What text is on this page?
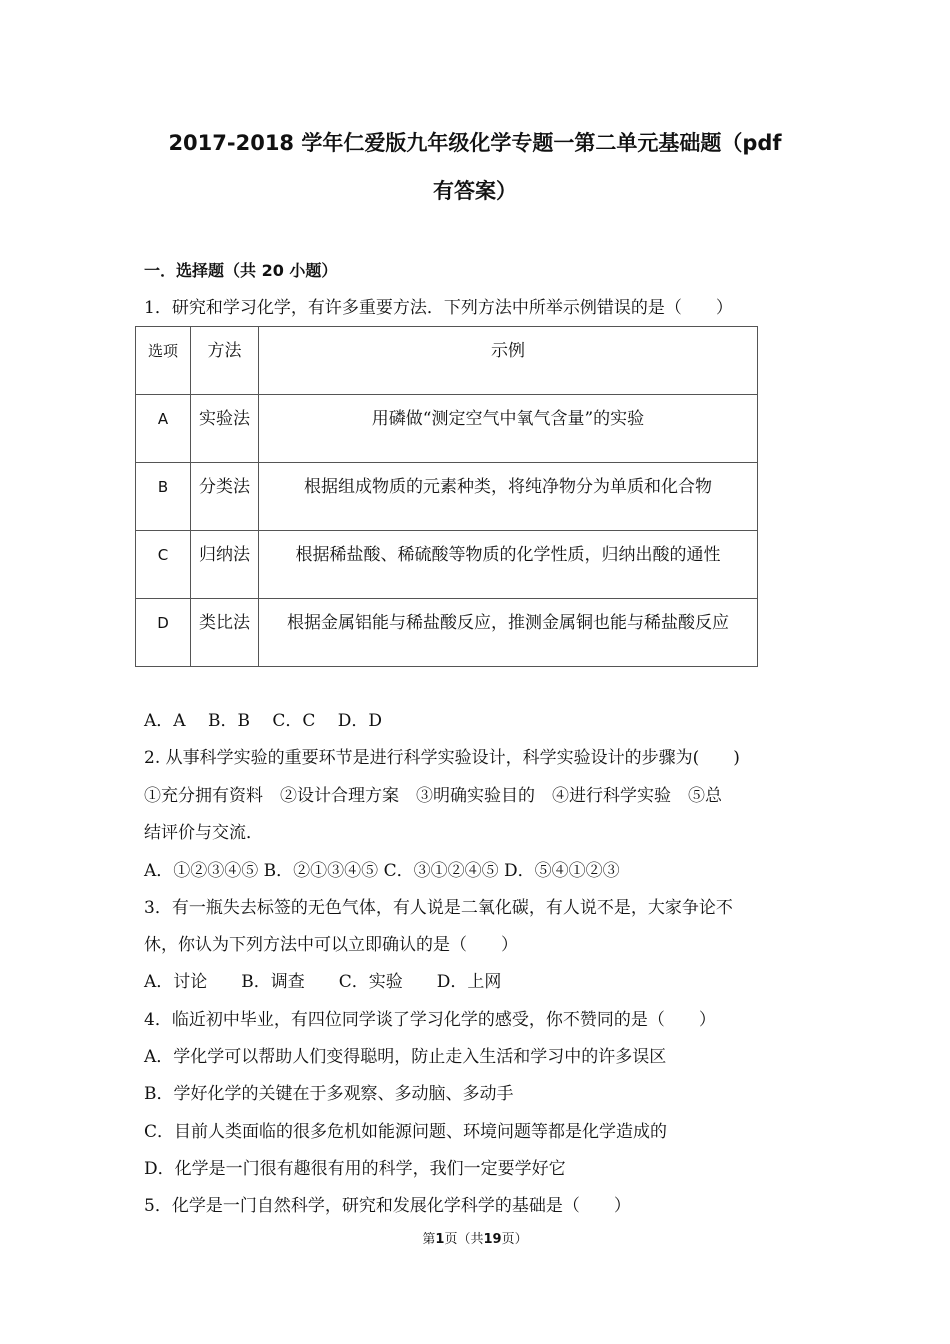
2017-2018 学年仁爱版九年级化学专题一第二单元基础题（pdf
有答案）
一．选择题（共 20 小题）
1．研究和学习化学，有许多重要方法．下列方法中所举示例错误的是（　　）
选项	方法	示例
A	实验法	用磷做“测定空气中氧气含量”的实验
B	分类法	根据组成物质的元素种类，将纯净物分为单质和化合物
C	归纳法	根据稀盐酸、稀硫酸等物质的化学性质，归纳出酸的通性
D	类比法	根据金属铝能与稀盐酸反应，推测金属铜也能与稀盐酸反应
A．A　 B．B　 C．C　 D．D
2. 从事科学实验的重要环节是进行科学实验设计，科学实验设计的步骤为(　　)
①充分拥有资料　②设计合理方案　③明确实验目的　④进行科学实验　⑤总
结评价与交流．
A．①②③④⑤ B．②①③④⑤ C．③①②④⑤ D．⑤④①②③
3．有一瓶失去标签的无色气体，有人说是二氧化碳，有人说不是，大家争论不
休，你认为下列方法中可以立即确认的是（　　）
A．讨论　　B．调查　　C．实验　　D．上网
4．临近初中毕业，有四位同学谈了学习化学的感受，你不赞同的是（　　）
A．学化学可以帮助人们变得聪明，防止走入生活和学习中的许多误区
B．学好化学的关键在于多观察、多动脑、多动手
C．目前人类面临的很多危机如能源问题、环境问题等都是化学造成的
D．化学是一门很有趣很有用的科学，我们一定要学好它
5．化学是一门自然科学，研究和发展化学科学的基础是（　　）
第1页（共19页）
